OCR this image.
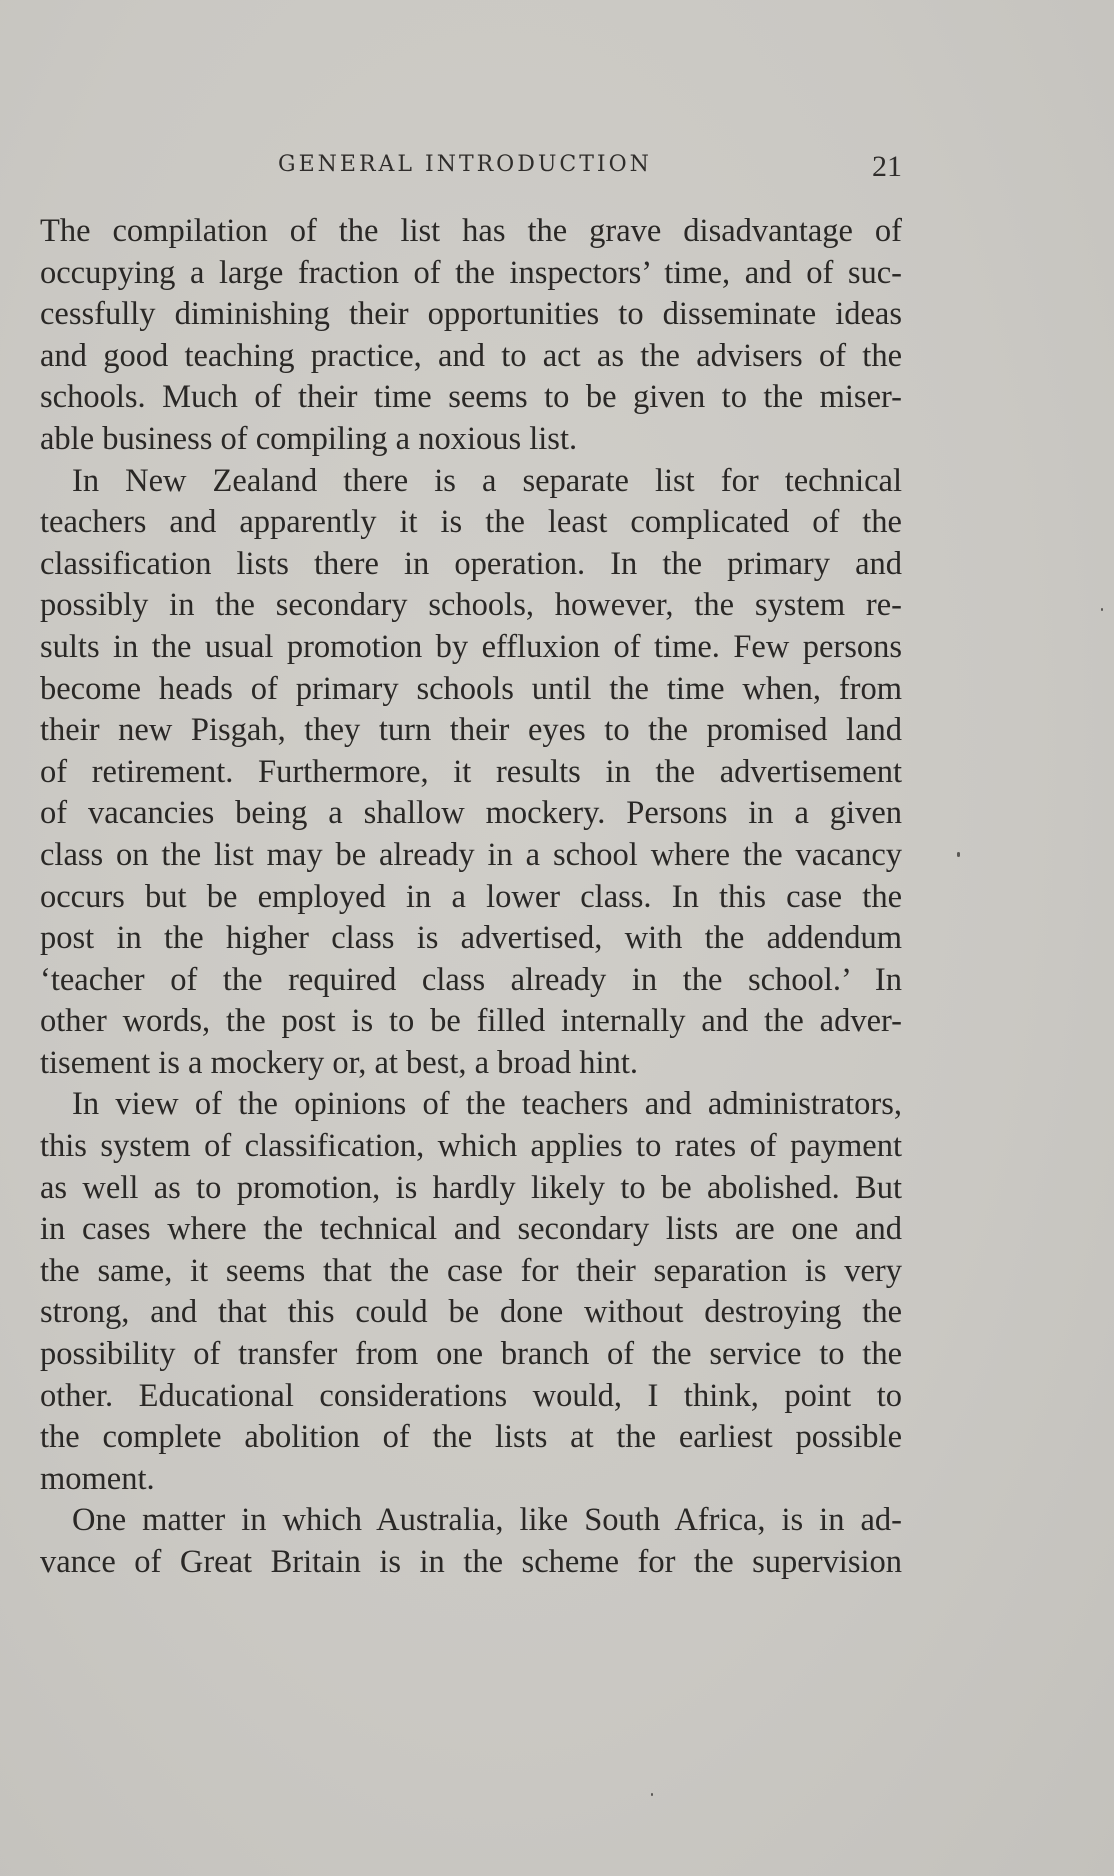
GENERAL INTRODUCTION	21

The compilation of the list has the grave disadvantage of

occupying a large fraction of the inspectors’ time, and of suc-

cessfully diminishing their opportunities to disseminate ideas

and good teaching practice, and to act as the advisers of the

schools. Much of their time seems to be given to the miser-

able business of compiling a noxious list.

In New Zealand there is a separate list for technical

teachers and apparently it is the least complicated of the

classification lists there in operation. In the primary and

possibly in the secondary schools, however, the system re-

sults in the usual promotion by effluxion of time. Few persons

become heads of primary schools until the time when, from

their new Pisgah, they turn their eyes to the promised land

of retirement. Furthermore, it results in the advertisement

of vacancies being a shallow mockery. Persons in a given

class on the list may be already in a school where the vacancy

occurs but be employed in a lower class. In this case the

post in the higher class is advertised, with the addendum

‘teacher of the required class already in the school.’ In

other words, the post is to be filled internally and the adver-

tisement is a mockery or, at best, a broad hint.

In view of the opinions of the teachers and administrators,

this system of classification, which applies to rates of payment

as well as to promotion, is hardly likely to be abolished. But

in cases where the technical and secondary lists are one and

the same, it seems that the case for their separation is very

strong, and that this could be done without destroying the

possibility of transfer from one branch of the service to the

other. Educational considerations would, I think, point to

the complete abolition of the lists at the earliest possible

moment.

One matter in which Australia, like South Africa, is in ad-

vance of Great Britain is in the scheme for the supervision
